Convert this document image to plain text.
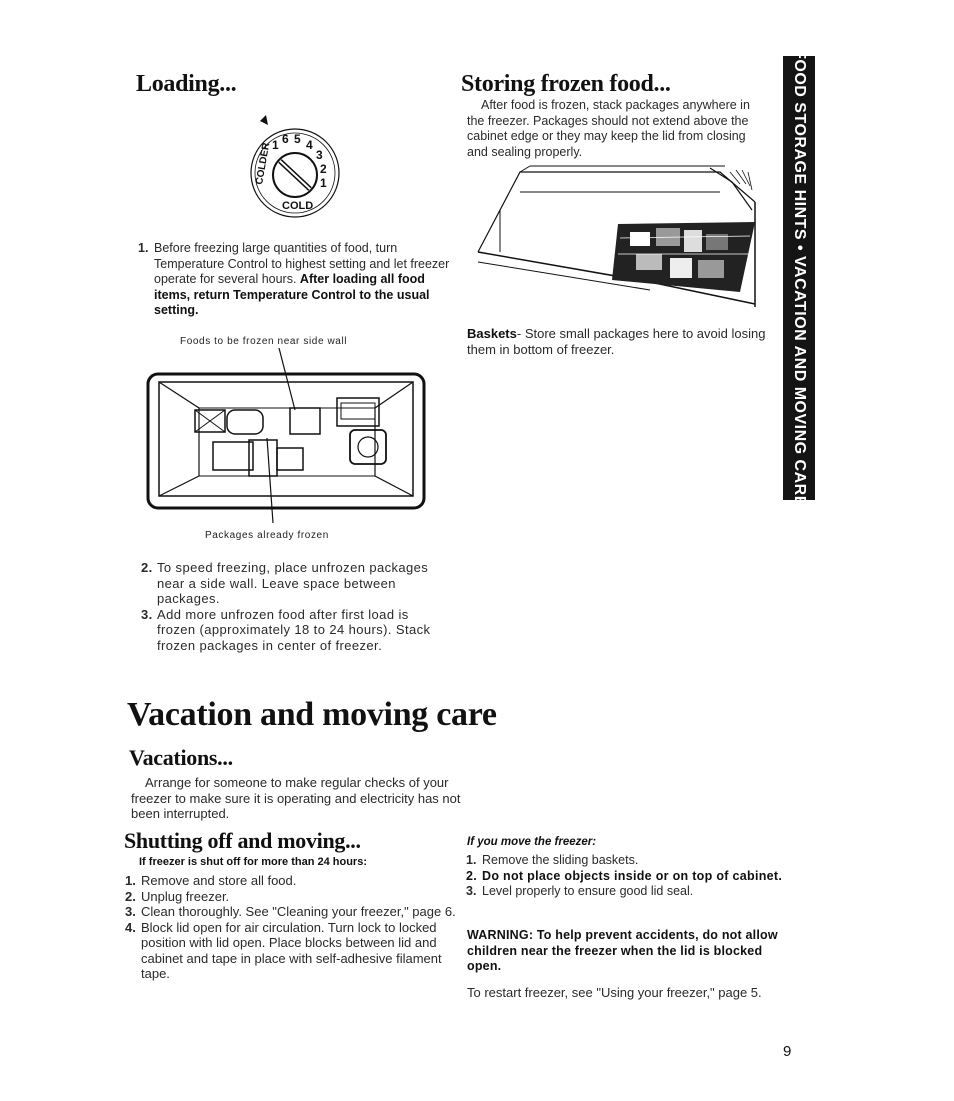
FOOD STORAGE HINTS • VACATION AND MOVING CARE
Loading...
1 6 5 4
3
2
1
COLDER
COLD
1. Before freezing large quantities of food, turn Temperature Control to highest setting and let freezer operate for several hours. After loading all food items, return Temperature Control to the usual setting.
Foods to be frozen near side wall
Packages already frozen
2. To speed freezing, place unfrozen packages near a side wall. Leave space between packages.
3. Add more unfrozen food after first load is frozen (approximately 18 to 24 hours). Stack frozen packages in center of freezer.
Storing frozen food...
After food is frozen, stack packages anywhere in the freezer. Packages should not extend above the cabinet edge or they may keep the lid from closing and sealing properly.
Baskets- Store small packages here to avoid losing them in bottom of freezer.
Vacation and moving care
Vacations...
Arrange for someone to make regular checks of your freezer to make sure it is operating and electricity has not been interrupted.
Shutting off and moving...
If freezer is shut off for more than 24 hours:
1. Remove and store all food.
2. Unplug freezer.
3. Clean thoroughly. See "Cleaning your freezer," page 6.
4. Block lid open for air circulation. Turn lock to locked position with lid open. Place blocks between lid and cabinet and tape in place with self-adhesive filament tape.
If you move the freezer:
1. Remove the sliding baskets.
2. Do not place objects inside or on top of cabinet.
3. Level properly to ensure good lid seal.
WARNING: To help prevent accidents, do not allow children near the freezer when the lid is blocked open.
To restart freezer, see "Using your freezer," page 5.
9
